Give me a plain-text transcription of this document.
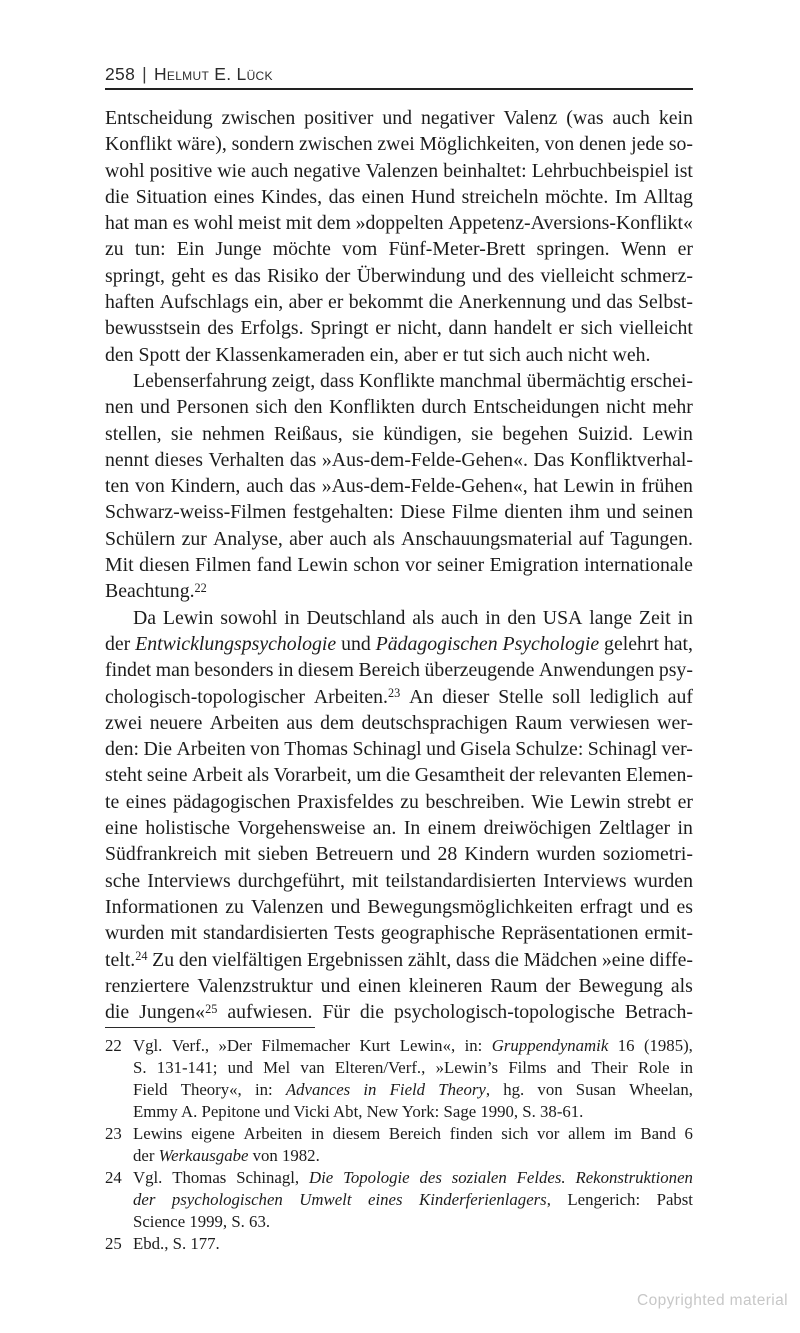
258 | Helmut E. Lück
Entscheidung zwischen positiver und negativer Valenz (was auch kein
Konflikt wäre), sondern zwischen zwei Möglichkeiten, von denen jede so-
wohl positive wie auch negative Valenzen beinhaltet: Lehrbuchbeispiel ist
die Situation eines Kindes, das einen Hund streicheln möchte. Im Alltag
hat man es wohl meist mit dem »doppelten Appetenz-Aversions-Konflikt«
zu tun: Ein Junge möchte vom Fünf-Meter-Brett springen. Wenn er
springt, geht es das Risiko der Überwindung und des vielleicht schmerz-
haften Aufschlags ein, aber er bekommt die Anerkennung und das Selbst-
bewusstsein des Erfolgs. Springt er nicht, dann handelt er sich vielleicht
den Spott der Klassenkameraden ein, aber er tut sich auch nicht weh.
Lebenserfahrung zeigt, dass Konflikte manchmal übermächtig erschei-
nen und Personen sich den Konflikten durch Entscheidungen nicht mehr
stellen, sie nehmen Reißaus, sie kündigen, sie begehen Suizid. Lewin
nennt dieses Verhalten das »Aus-dem-Felde-Gehen«. Das Konfliktverhal-
ten von Kindern, auch das »Aus-dem-Felde-Gehen«, hat Lewin in frühen
Schwarz-weiss-Filmen festgehalten: Diese Filme dienten ihm und seinen
Schülern zur Analyse, aber auch als Anschauungsmaterial auf Tagungen.
Mit diesen Filmen fand Lewin schon vor seiner Emigration internationale
Beachtung.$^{22}$
Da Lewin sowohl in Deutschland als auch in den USA lange Zeit in
der Entwicklungspsychologie und Pädagogischen Psychologie gelehrt hat,
findet man besonders in diesem Bereich überzeugende Anwendungen psy-
chologisch-topologischer Arbeiten.$^{23}$ An dieser Stelle soll lediglich auf
zwei neuere Arbeiten aus dem deutschsprachigen Raum verwiesen wer-
den: Die Arbeiten von Thomas Schinagl und Gisela Schulze: Schinagl ver-
steht seine Arbeit als Vorarbeit, um die Gesamtheit der relevanten Elemen-
te eines pädagogischen Praxisfeldes zu beschreiben. Wie Lewin strebt er
eine holistische Vorgehensweise an. In einem dreiwöchigen Zeltlager in
Südfrankreich mit sieben Betreuern und 28 Kindern wurden soziometri-
sche Interviews durchgeführt, mit teilstandardisierten Interviews wurden
Informationen zu Valenzen und Bewegungsmöglichkeiten erfragt und es
wurden mit standardisierten Tests geographische Repräsentationen ermit-
telt.$^{24}$ Zu den vielfältigen Ergebnissen zählt, dass die Mädchen »eine diffe-
renziertere Valenzstruktur und einen kleineren Raum der Bewegung als
die Jungen«$^{25}$ aufwiesen. Für die psychologisch-topologische Betrach-
22 Vgl. Verf., »Der Filmemacher Kurt Lewin«, in: Gruppendynamik 16 (1985),
S. 131-141; und Mel van Elteren/Verf., »Lewin’s Films and Their Role in
Field Theory«, in: Advances in Field Theory, hg. von Susan Wheelan,
Emmy A. Pepitone und Vicki Abt, New York: Sage 1990, S. 38-61.
23 Lewins eigene Arbeiten in diesem Bereich finden sich vor allem im Band 6
der Werkausgabe von 1982.
24 Vgl. Thomas Schinagl, Die Topologie des sozialen Feldes. Rekonstruktionen
der psychologischen Umwelt eines Kinderferienlagers, Lengerich: Pabst
Science 1999, S. 63.
25 Ebd., S. 177.
Copyrighted material
